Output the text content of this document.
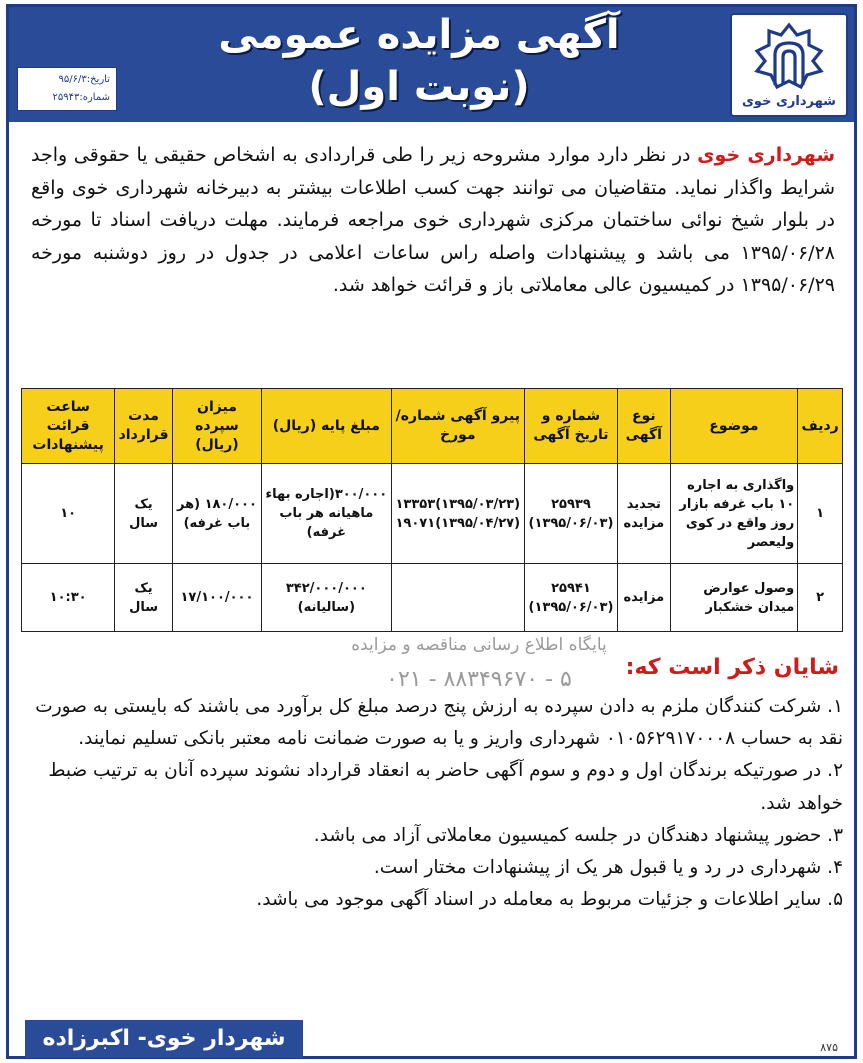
شهرداری خوی
آگهی مزایده عمومی
(نوبت اول)
تاریخ:۹۵/۶/۳
شماره:۲۵۹۴۳
شهرداری خوی در نظر دارد موارد مشروحه زیر را طی قراردادی به اشخاص حقیقی یا حقوقی واجد شرایط واگذار نماید. متقاضیان می توانند جهت کسب اطلاعات بیشتر به دبیرخانه شهرداری خوی واقع در بلوار شیخ نوائی ساختمان مرکزی شهرداری خوی مراجعه فرمایند. مهلت دریافت اسناد تا مورخه ۱۳۹۵/۰۶/۲۸ می باشد و پیشنهادات واصله راس ساعات اعلامی در جدول در روز دوشنبه مورخه ۱۳۹۵/۰۶/۲۹ در کمیسیون عالی معاملاتی باز و قرائت خواهد شد.
ردیف	موضوع	نوع آگهی	شماره و تاریخ آگهی	پیرو آگهی شماره/ مورخ	مبلغ پایه (ریال)	میزان سپرده (ریال)	مدت قرارداد	ساعت قرائت پیشنهادات
۱	واگذاری به اجاره ۱۰ باب غرفه بازار روز واقع در کوی ولیعصر	تجدید مزایده	۲۵۹۳۹ (۱۳۹۵/۰۶/۰۳)	(۱۳۹۵/۰۳/۲۳)۱۳۳۵۳ (۱۳۹۵/۰۴/۲۷)۱۹۰۷۱	۳۰۰/۰۰۰(اجاره بهاء ماهیانه هر باب غرفه)	۱۸۰/۰۰۰ (هر باب غرفه)	یک سال	۱۰
۲	وصول عوارض میدان خشکبار	مزایده	۲۵۹۴۱ (۱۳۹۵/۰۶/۰۳)		۳۴۲/۰۰۰/۰۰۰ (سالیانه)	۱۷/۱۰۰/۰۰۰	یک سال	۱۰:۳۰
پایگاه اطلاع رسانی مناقصه و مزایده
۰۲۱ - ۸۸۳۴۹۶۷۰ - ۵	شایان ذکر است که:

۱. شرکت کنندگان ملزم به دادن سپرده به ارزش پنج درصد مبلغ کل برآورد می باشند که بایستی به صورت نقد به حساب ۰۱۰۵۶۲۹۱۷۰۰۰۸ شهرداری واریز و یا به صورت ضمانت نامه معتبر بانکی تسلیم نمایند.

۲. در صورتیکه برندگان اول و دوم و سوم آگهی حاضر به انعقاد قرارداد نشوند سپرده آنان به ترتیب ضبط خواهد شد.

۳. حضور پیشنهاد دهندگان در جلسه کمیسیون معاملاتی آزاد می باشد.

۴. شهرداری در رد و یا قبول هر یک از پیشنهادات مختار است.

۵. سایر اطلاعات و جزئیات مربوط به معامله در اسناد آگهی موجود می باشد.

شهردار خوی- اکبرزاده	۸۷۵
